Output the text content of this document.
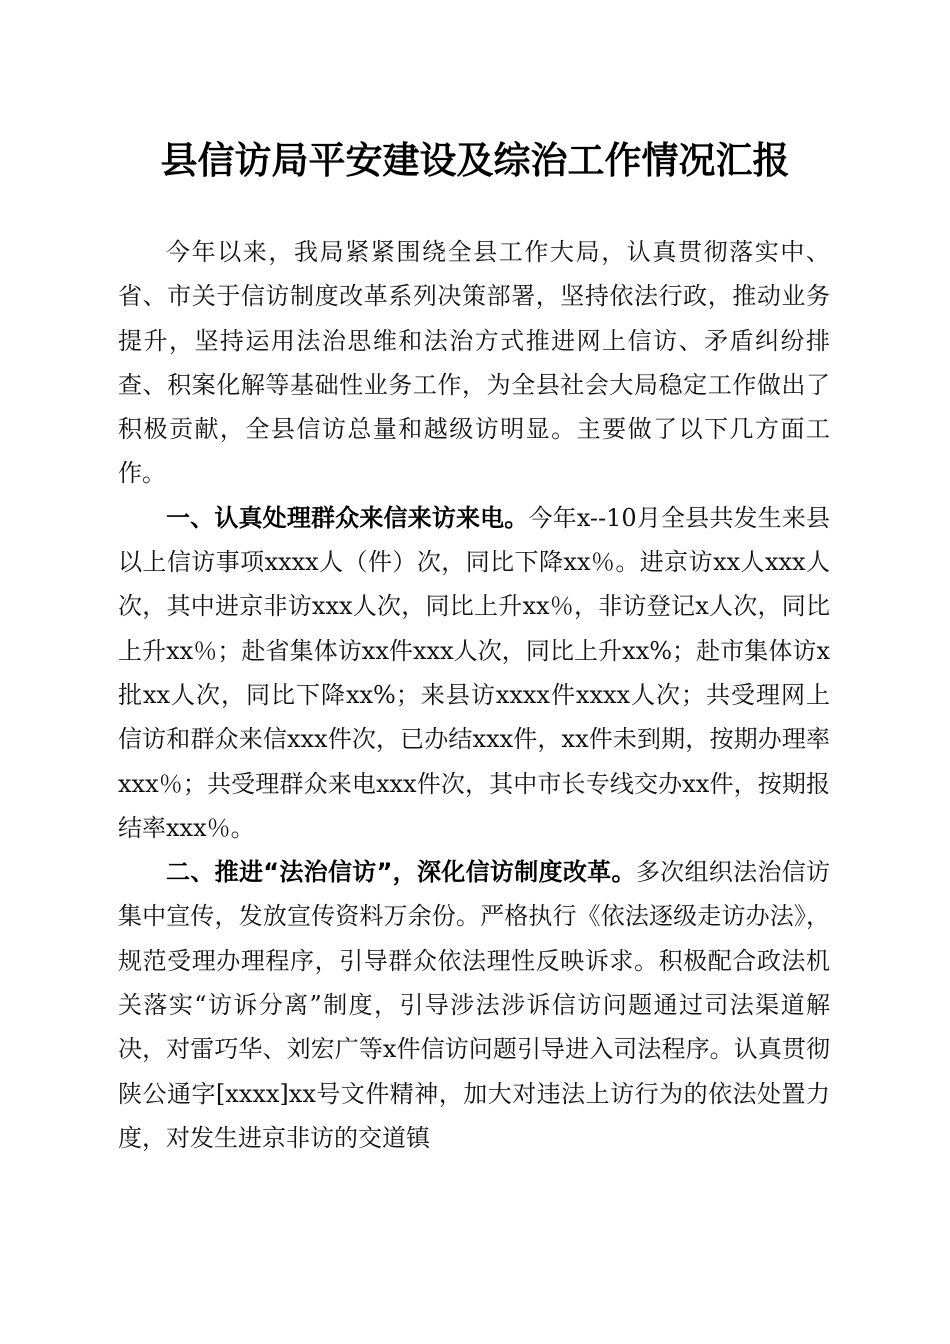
县信访局平安建设及综治工作情况汇报

今年以来，我局紧紧围绕全县工作大局，认真贯彻落实中、省、市关于信访制度改革系列决策部署，坚持依法行政，推动业务提升，坚持运用法治思维和法治方式推进网上信访、矛盾纠纷排查、积案化解等基础性业务工作，为全县社会大局稳定工作做出了积极贡献，全县信访总量和越级访明显。主要做了以下几方面工作。

一、认真处理群众来信来访来电。今年x--10月全县共发生来县以上信访事项xxxx人（件）次，同比下降xx％。进京访xx人xxx人次，其中进京非访xxx人次，同比上升xx％，非访登记x人次，同比上升xx％；赴省集体访xx件xxx人次，同比上升xx%；赴市集体访x批xx人次，同比下降xx%；来县访xxxx件xxxx人次；共受理网上信访和群众来信xxx件次，已办结xxx件，xx件未到期，按期办理率xxx％；共受理群众来电xxx件次，其中市长专线交办xx件，按期报结率xxx％。

二、推进“法治信访”，深化信访制度改革。多次组织法治信访集中宣传，发放宣传资料万余份。严格执行《依法逐级走访办法》，规范受理办理程序，引导群众依法理性反映诉求。积极配合政法机关落实“访诉分离”制度，引导涉法涉诉信访问题通过司法渠道解决，对雷巧华、刘宏广等x件信访问题引导进入司法程序。认真贯彻陕公通字[xxxx]xx号文件精神，加大对违法上访行为的依法处置力度，对发生进京非访的交道镇
